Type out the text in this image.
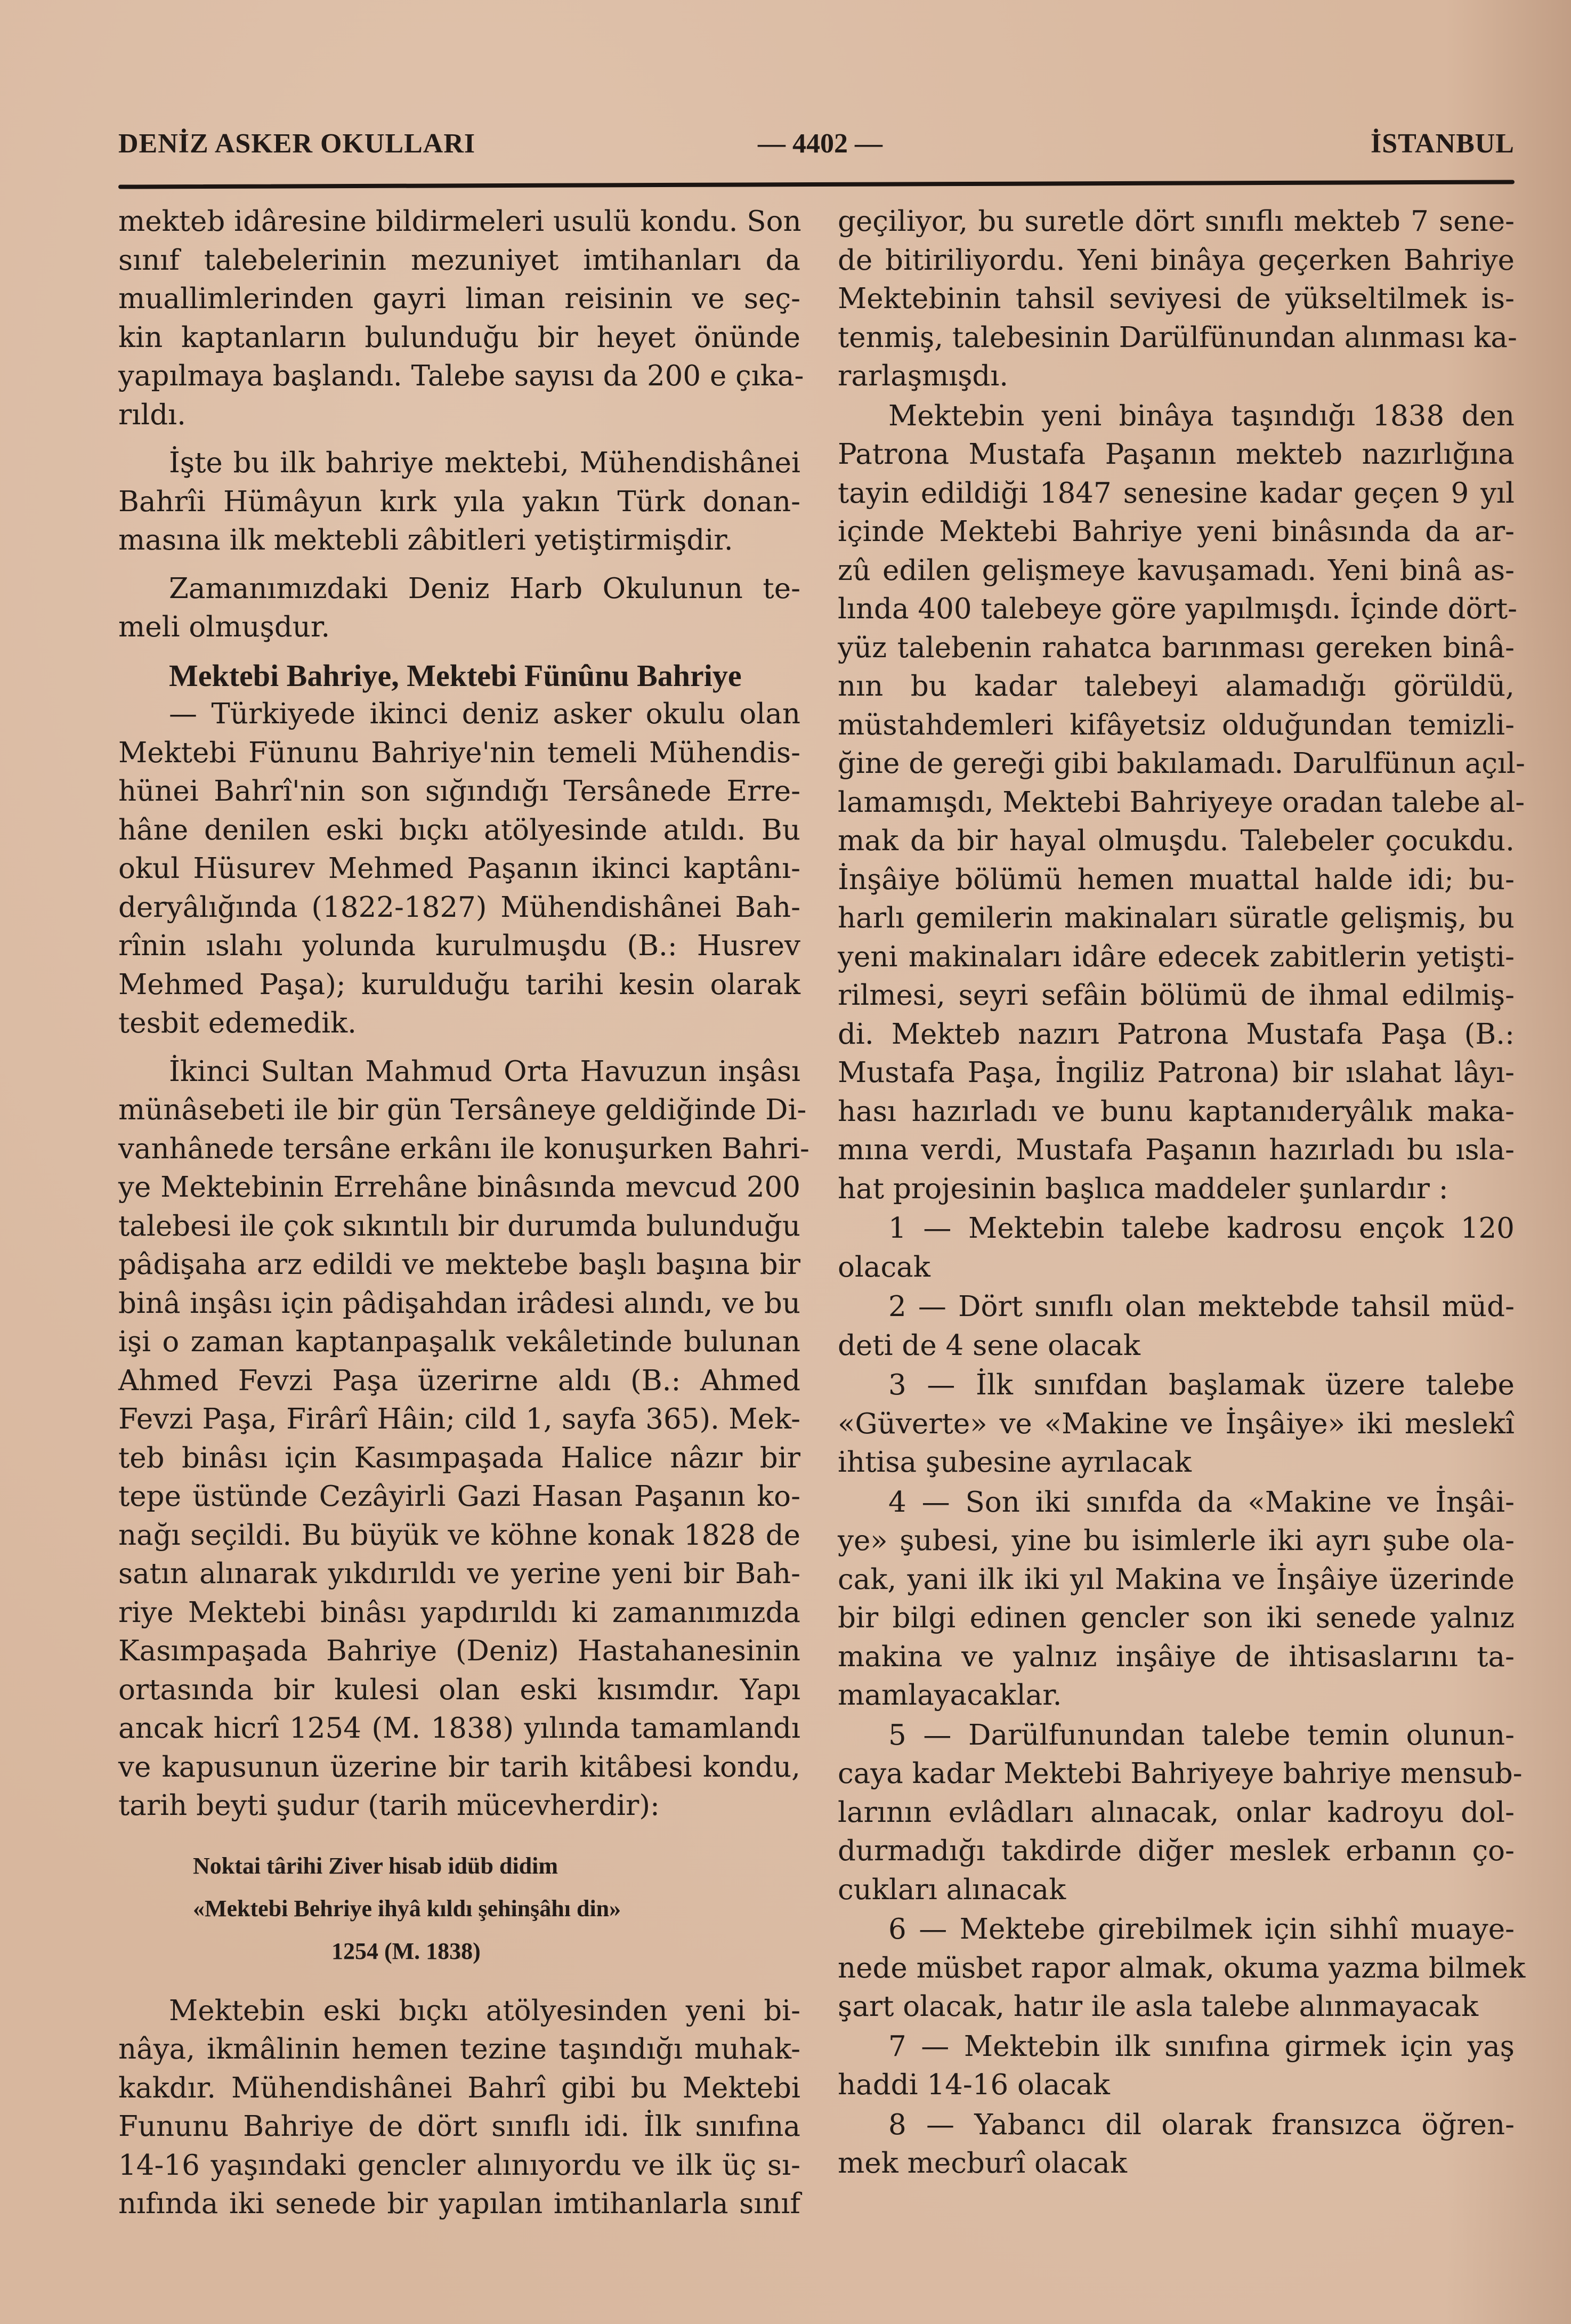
DENİZ ASKER OKULLARI	— 4402 —	İSTANBUL
mekteb idâresine bildirmeleri usulü kondu. Son
sınıf talebelerinin mezuniyet imtihanları da
muallimlerinden gayri liman reisinin ve seç-
kin kaptanların bulunduğu bir heyet önünde
yapılmaya başlandı. Talebe sayısı da 200 e çıka-
rıldı.
İşte bu ilk bahriye mektebi, Mühendishânei
Bahrîi Hümâyun kırk yıla yakın Türk donan-
masına ilk mektebli zâbitleri yetiştirmişdir.
Zamanımızdaki Deniz Harb Okulunun te-
meli olmuşdur.
Mektebi Bahriye, Mektebi Fünûnu Bahriye
— Türkiyede ikinci deniz asker okulu olan
Mektebi Fünunu Bahriye'nin temeli Mühendis-
hünei Bahrî'nin son sığındığı Tersânede Erre-
hâne denilen eski bıçkı atölyesinde atıldı. Bu
okul Hüsurev Mehmed Paşanın ikinci kaptânı-
deryâlığında (1822-1827) Mühendishânei Bah-
rînin ıslahı yolunda kurulmuşdu (B.: Husrev
Mehmed Paşa); kurulduğu tarihi kesin olarak
tesbit edemedik.
İkinci Sultan Mahmud Orta Havuzun inşâsı
münâsebeti ile bir gün Tersâneye geldiğinde Di-
vanhânede tersâne erkânı ile konuşurken Bahri-
ye Mektebinin Errehâne binâsında mevcud 200
talebesi ile çok sıkıntılı bir durumda bulunduğu
pâdişaha arz edildi ve mektebe başlı başına bir
binâ inşâsı için pâdişahdan irâdesi alındı, ve bu
işi o zaman kaptanpaşalık vekâletinde bulunan
Ahmed Fevzi Paşa üzerirne aldı (B.: Ahmed
Fevzi Paşa, Firârî Hâin; cild 1, sayfa 365). Mek-
teb binâsı için Kasımpaşada Halice nâzır bir
tepe üstünde Cezâyirli Gazi Hasan Paşanın ko-
nağı seçildi. Bu büyük ve köhne konak 1828 de
satın alınarak yıkdırıldı ve yerine yeni bir Bah-
riye Mektebi binâsı yapdırıldı ki zamanımızda
Kasımpaşada Bahriye (Deniz) Hastahanesinin
ortasında bir kulesi olan eski kısımdır. Yapı
ancak hicrî 1254 (M. 1838) yılında tamamlandı
ve kapusunun üzerine bir tarih kitâbesi kondu,
tarih beyti şudur (tarih mücevherdir):
Noktai târihi Ziver hisab idüb didim
«Mektebi Behriye ihyâ kıldı şehinşâhı din»
1254 (M. 1838)
Mektebin eski bıçkı atölyesinden yeni bi-
nâya, ikmâlinin hemen tezine taşındığı muhak-
kakdır. Mühendishânei Bahrî gibi bu Mektebi
Fununu Bahriye de dört sınıflı idi. İlk sınıfına
14-16 yaşındaki gencler alınıyordu ve ilk üç sı-
nıfında iki senede bir yapılan imtihanlarla sınıf
geçiliyor, bu suretle dört sınıflı mekteb 7 sene-
de bitiriliyordu. Yeni binâya geçerken Bahriye
Mektebinin tahsil seviyesi de yükseltilmek is-
tenmiş, talebesinin Darülfünundan alınması ka-
rarlaşmışdı.
Mektebin yeni binâya taşındığı 1838 den
Patrona Mustafa Paşanın mekteb nazırlığına
tayin edildiği 1847 senesine kadar geçen 9 yıl
içinde Mektebi Bahriye yeni binâsında da ar-
zû edilen gelişmeye kavuşamadı. Yeni binâ as-
lında 400 talebeye göre yapılmışdı. İçinde dört-
yüz talebenin rahatca barınması gereken binâ-
nın bu kadar talebeyi alamadığı görüldü,
müstahdemleri kifâyetsiz olduğundan temizli-
ğine de gereği gibi bakılamadı. Darulfünun açıl-
lamamışdı, Mektebi Bahriyeye oradan talebe al-
mak da bir hayal olmuşdu. Talebeler çocukdu.
İnşâiye bölümü hemen muattal halde idi; bu-
harlı gemilerin makinaları süratle gelişmiş, bu
yeni makinaları idâre edecek zabitlerin yetişti-
rilmesi, seyri sefâin bölümü de ihmal edilmiş-
di. Mekteb nazırı Patrona Mustafa Paşa (B.:
Mustafa Paşa, İngiliz Patrona) bir ıslahat lâyı-
hası hazırladı ve bunu kaptanıderyâlık maka-
mına verdi, Mustafa Paşanın hazırladı bu ısla-
hat projesinin başlıca maddeler şunlardır :
1 — Mektebin talebe kadrosu ençok 120
olacak
2 — Dört sınıflı olan mektebde tahsil müd-
deti de 4 sene olacak
3 — İlk sınıfdan başlamak üzere talebe
«Güverte» ve «Makine ve İnşâiye» iki meslekî
ihtisa şubesine ayrılacak
4 — Son iki sınıfda da «Makine ve İnşâi-
ye» şubesi, yine bu isimlerle iki ayrı şube ola-
cak, yani ilk iki yıl Makina ve İnşâiye üzerinde
bir bilgi edinen gencler son iki senede yalnız
makina ve yalnız inşâiye de ihtisaslarını ta-
mamlayacaklar.
5 — Darülfunundan talebe temin olunun-
caya kadar Mektebi Bahriyeye bahriye mensub-
larının evlâdları alınacak, onlar kadroyu dol-
durmadığı takdirde diğer meslek erbanın ço-
cukları alınacak
6 — Mektebe girebilmek için sihhî muaye-
nede müsbet rapor almak, okuma yazma bilmek
şart olacak, hatır ile asla talebe alınmayacak
7 — Mektebin ilk sınıfına girmek için yaş
haddi 14-16 olacak
8 — Yabancı dil olarak fransızca öğren-
mek mecburî olacak
